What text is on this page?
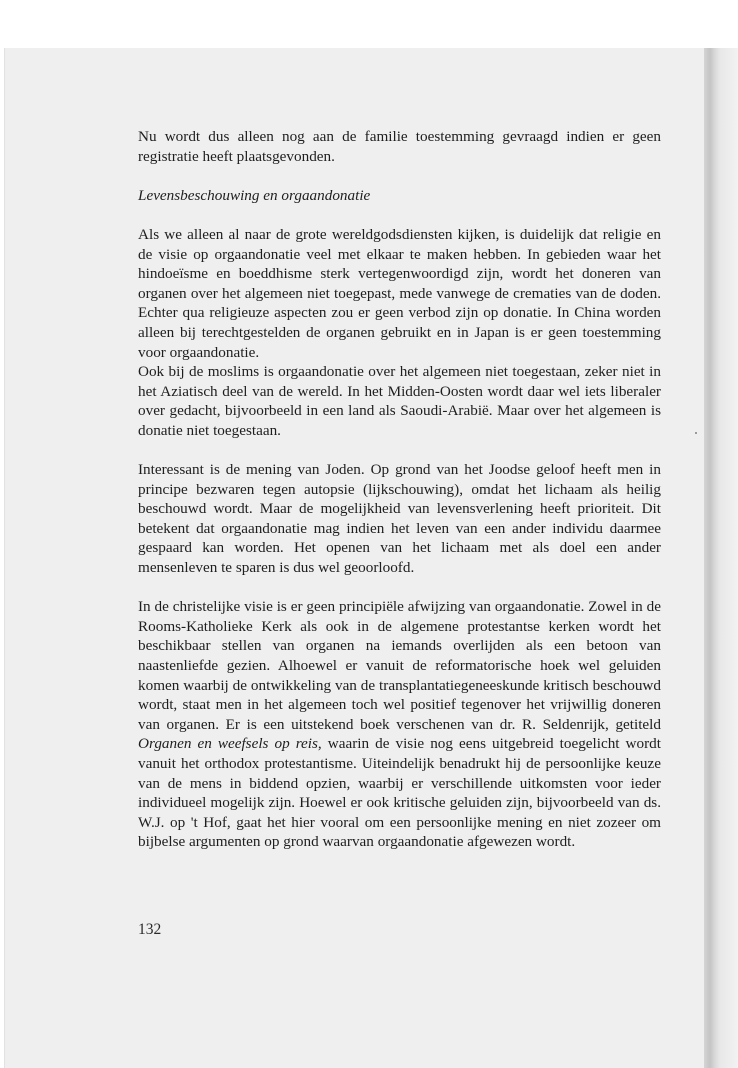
Nu wordt dus alleen nog aan de familie toestemming gevraagd indien er geen registratie heeft plaatsgevonden.

Levensbeschouwing en orgaandonatie

Als we alleen al naar de grote wereldgodsdiensten kijken, is duidelijk dat religie en de visie op orgaandonatie veel met elkaar te maken hebben. In gebieden waar het hindoeïsme en boeddhisme sterk vertegenwoordigd zijn, wordt het doneren van organen over het algemeen niet toegepast, mede vanwege de crematies van de doden. Echter qua religieuze aspecten zou er geen verbod zijn op donatie. In China worden alleen bij terechtgestelden de organen gebruikt en in Japan is er geen toestemming voor orgaandonatie.

Ook bij de moslims is orgaandonatie over het algemeen niet toegestaan, zeker niet in het Aziatisch deel van de wereld. In het Midden-Oosten wordt daar wel iets liberaler over gedacht, bijvoorbeeld in een land als Saoudi-Arabië. Maar over het algemeen is donatie niet toegestaan.

Interessant is de mening van Joden. Op grond van het Joodse geloof heeft men in principe bezwaren tegen autopsie (lijkschouwing), omdat het lichaam als heilig beschouwd wordt. Maar de mogelijkheid van levensverlening heeft prioriteit. Dit betekent dat orgaandonatie mag indien het leven van een ander individu daarmee gespaard kan worden. Het openen van het lichaam met als doel een ander mensenleven te sparen is dus wel geoorloofd.

In de christelijke visie is er geen principiële afwijzing van orgaandonatie. Zowel in de Rooms-Katholieke Kerk als ook in de algemene protestantse kerken wordt het beschikbaar stellen van organen na iemands overlijden als een betoon van naastenliefde gezien. Alhoewel er vanuit de reformatorische hoek wel geluiden komen waarbij de ontwikkeling van de transplantatiegeneeskunde kritisch beschouwd wordt, staat men in het algemeen toch wel positief tegenover het vrijwillig doneren van organen. Er is een uitstekend boek verschenen van dr. R. Seldenrijk, getiteld Organen en weefsels op reis, waarin de visie nog eens uitgebreid toegelicht wordt vanuit het orthodox protestantisme. Uiteindelijk benadrukt hij de persoonlijke keuze van de mens in biddend opzien, waarbij er verschillende uitkomsten voor ieder individueel mogelijk zijn. Hoewel er ook kritische geluiden zijn, bijvoorbeeld van ds. W.J. op 't Hof, gaat het hier vooral om een persoonlijke mening en niet zozeer om bijbelse argumenten op grond waarvan orgaandonatie afgewezen wordt.

132
